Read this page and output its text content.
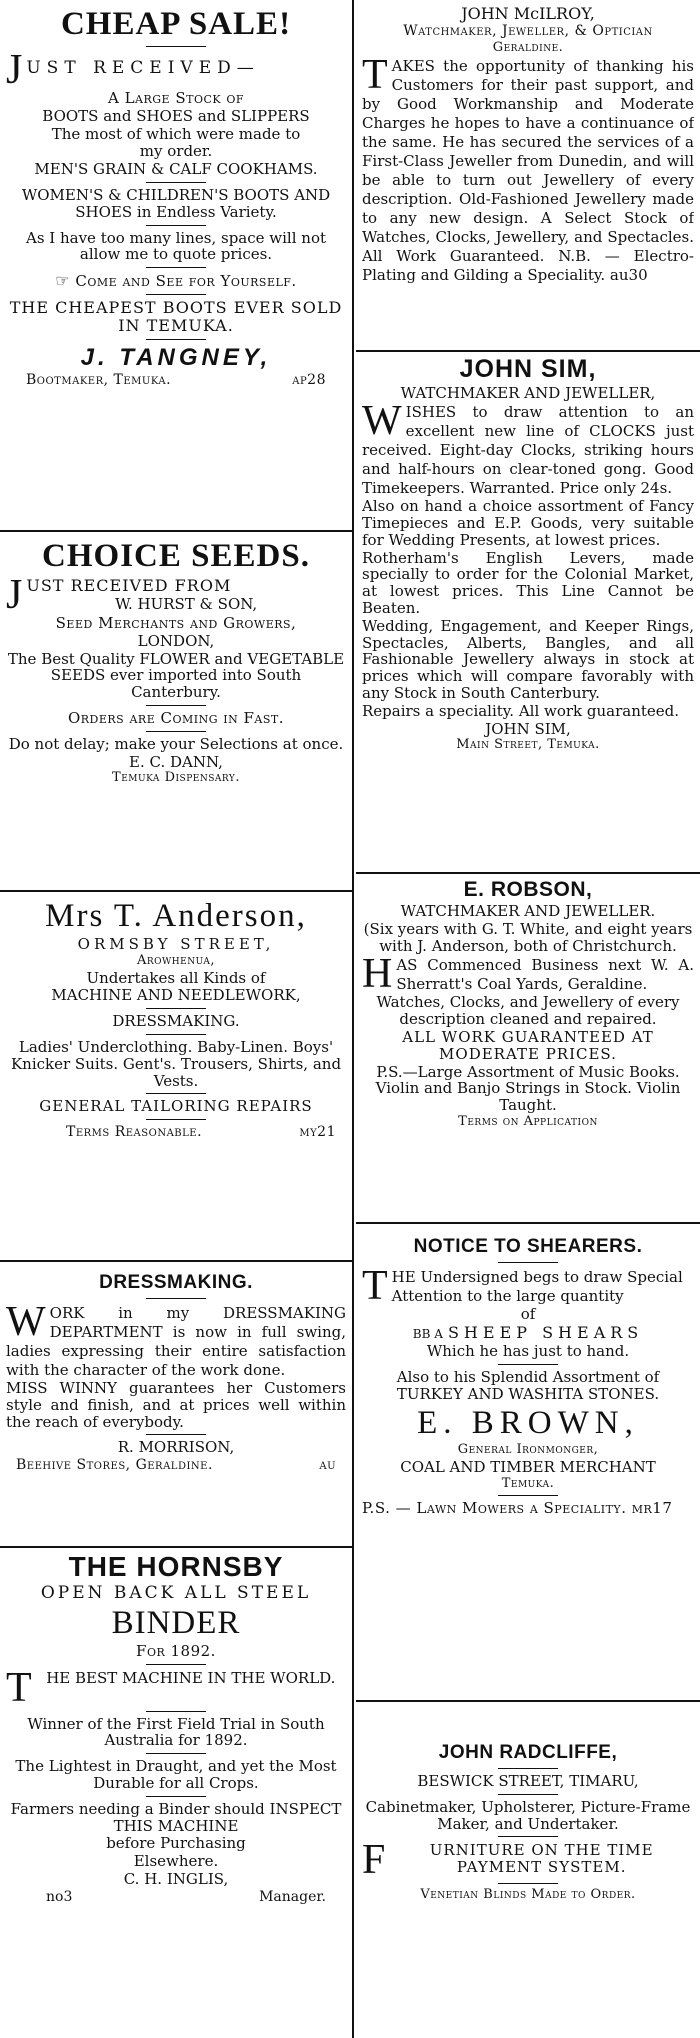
CHEAP SALE!
J UST RECEIVED—
A Large Stock of
BOOTS and SHOES and SLIPPERS
The most of which were made to
my order.
MEN'S GRAIN & CALF COOKHAMS.
WOMEN'S & CHILDREN'S BOOTS AND SHOES in Endless Variety.
As I have too many lines, space will not allow me to quote prices.
☞ Come and See for Yourself.
THE CHEAPEST BOOTS EVER SOLD IN TEMUKA.
J. TANGNEY,
Bootmaker, Temuka.	ap28
CHOICE SEEDS.
J UST RECEIVED FROM
W. HURST & SON,
Seed Merchants and Growers,
LONDON,
The Best Quality FLOWER and VEGETABLE SEEDS ever imported into South Canterbury.
Orders are Coming in Fast.
Do not delay; make your Selections at once.
E. C. DANN,
Temuka Dispensary.
Mrs T. Anderson,
ORMSBY STREET,
Arowhenua,
Undertakes all Kinds of
MACHINE AND NEEDLEWORK,
DRESSMAKING.
Ladies' Underclothing. Baby-Linen. Boys' Knicker Suits. Gent's. Trousers, Shirts, and Vests.
GENERAL TAILORING REPAIRS
Terms Reasonable.	my21
DRESSMAKING.
W ORK in my DRESSMAKING DEPARTMENT is now in full swing, ladies expressing their entire satisfaction with the character of the work done.
MISS WINNY guarantees her Customers style and finish, and at prices well within the reach of everybody.
R. MORRISON,
Beehive Stores, Geraldine.	au
THE HORNSBY
OPEN BACK ALL STEEL
BINDER
For 1892.
T HE BEST MACHINE IN THE WORLD.
Winner of the First Field Trial in South Australia for 1892.
The Lightest in Draught, and yet the Most Durable for all Crops.
Farmers needing a Binder should INSPECT THIS MACHINE
before Purchasing
Elsewhere.
C. H. INGLIS,
no3	Manager.
JOHN McILROY,
Watchmaker, Jeweller, & Optician
Geraldine.
T AKES the opportunity of thanking his Customers for their past support, and by Good Workmanship and Moderate Charges he hopes to have a continuance of the same. He has secured the services of a First-Class Jeweller from Dunedin, and will be able to turn out Jewellery of every description. Old-Fashioned Jewellery made to any new design. A Select Stock of Watches, Clocks, Jewellery, and Spectacles. All Work Guaranteed. N.B. — Electro-Plating and Gilding a Speciality. au30
JOHN SIM,
WATCHMAKER AND JEWELLER,
W ISHES to draw attention to an excellent new line of CLOCKS just received. Eight-day Clocks, striking hours and half-hours on clear-toned gong. Good Timekeepers. Warranted. Price only 24s.
Also on hand a choice assortment of Fancy Timepieces and E.P. Goods, very suitable for Wedding Presents, at lowest prices.
Rotherham's English Levers, made specially to order for the Colonial Market, at lowest prices. This Line Cannot be Beaten.
Wedding, Engagement, and Keeper Rings, Spectacles, Alberts, Bangles, and all Fashionable Jewellery always in stock at prices which will compare favorably with any Stock in South Canterbury.
Repairs a speciality. All work guaranteed.
JOHN SIM,
Main Street, Temuka.
E. ROBSON,
WATCHMAKER AND JEWELLER.
(Six years with G. T. White, and eight years with J. Anderson, both of Christchurch.
H AS Commenced Business next W. A. Sherratt's Coal Yards, Geraldine.
Watches, Clocks, and Jewellery of every description cleaned and repaired.
ALL WORK GUARANTEED AT MODERATE PRICES.
P.S.—Large Assortment of Music Books. Violin and Banjo Strings in Stock. Violin Taught.
Terms on Application
NOTICE TO SHEARERS.
T HE Undersigned begs to draw Special Attention to the large quantity
of
BB A SHEEP SHEARS
Which he has just to hand.
Also to his Splendid Assortment of
TURKEY AND WASHITA STONES.
E. BROWN,
General Ironmonger,
COAL AND TIMBER MERCHANT
Temuka.
P.S. — Lawn Mowers a Speciality. mr17
JOHN RADCLIFFE,
BESWICK STREET, TIMARU,
Cabinetmaker, Upholsterer, Picture-Frame Maker, and Undertaker.
F	URNITURE ON THE TIME PAYMENT SYSTEM.
Venetian Blinds Made to Order.
